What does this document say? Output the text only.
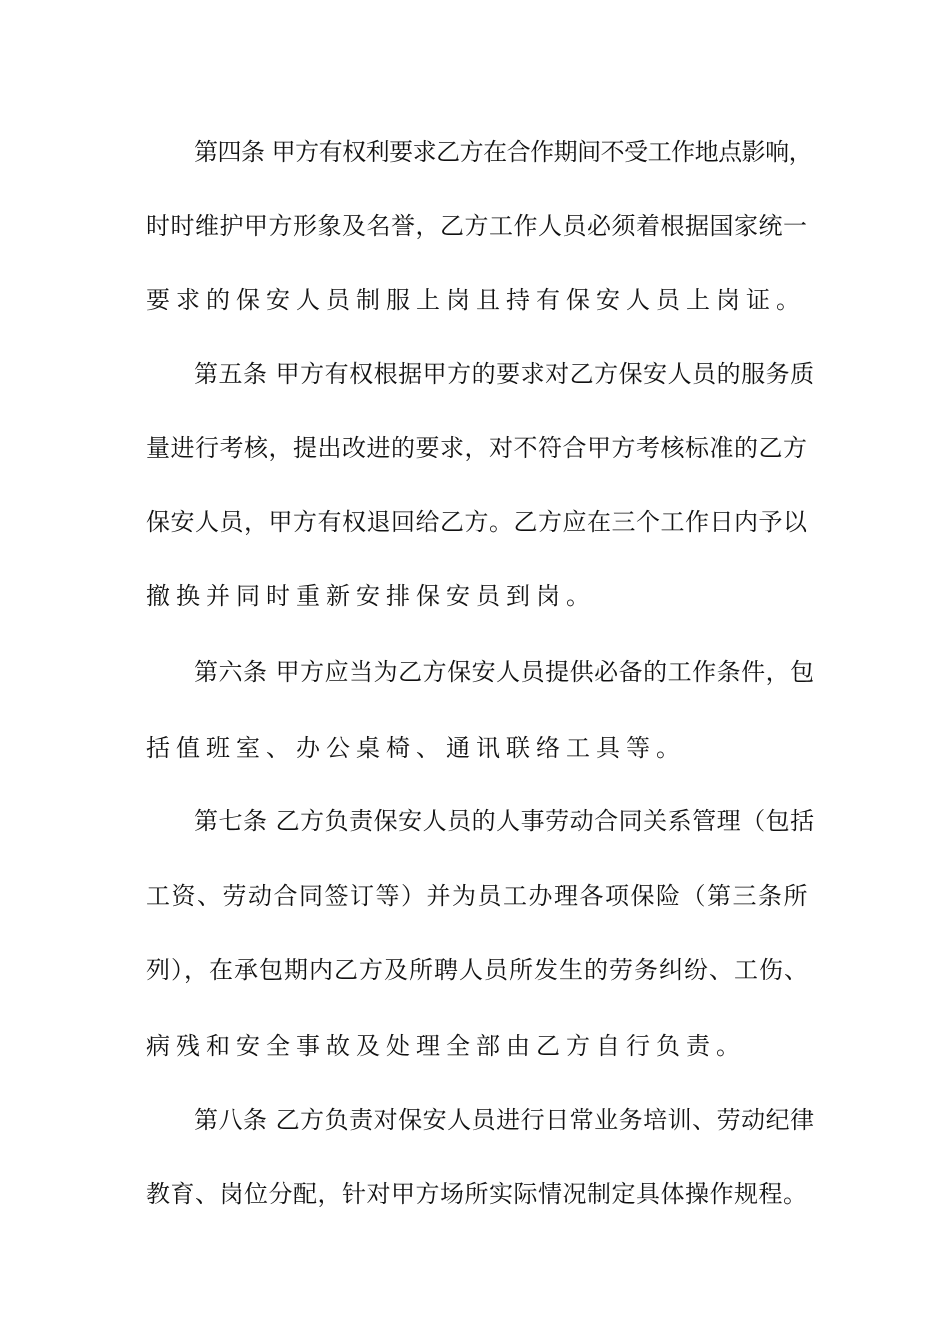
第四条 甲方有权利要求乙方在合作期间不受工作地点影响，
时时维护甲方形象及名誉，乙方工作人员必须着根据国家统一
要求的保安人员制服上岗且持有保安人员上岗证。
第五条 甲方有权根据甲方的要求对乙方保安人员的服务质
量进行考核，提出改进的要求，对不符合甲方考核标准的乙方
保安人员，甲方有权退回给乙方。乙方应在三个工作日内予以
撤换并同时重新安排保安员到岗。
第六条 甲方应当为乙方保安人员提供必备的工作条件，包
括值班室、办公桌椅、通讯联络工具等。
第七条 乙方负责保安人员的人事劳动合同关系管理（包括
工资、劳动合同签订等）并为员工办理各项保险（第三条所
列），在承包期内乙方及所聘人员所发生的劳务纠纷、工伤、
病残和安全事故及处理全部由乙方自行负责。
第八条 乙方负责对保安人员进行日常业务培训、劳动纪律
教育、岗位分配，针对甲方场所实际情况制定具体操作规程。
